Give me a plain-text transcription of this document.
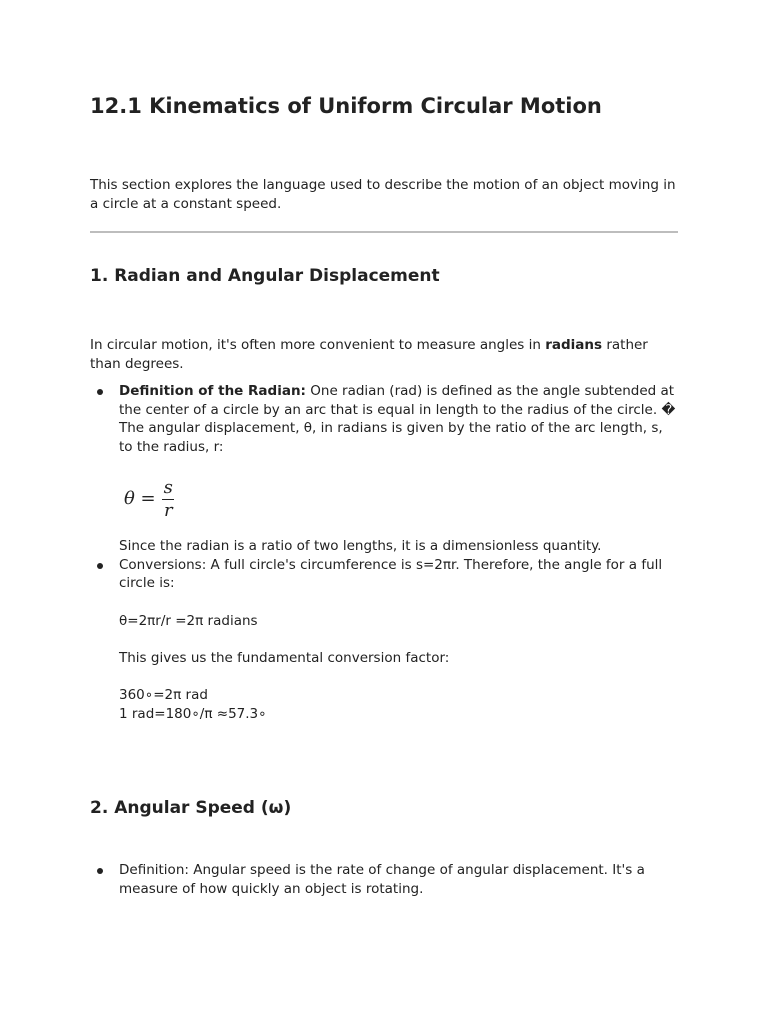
12.1 Kinematics of Uniform Circular Motion

This section explores the language used to describe the motion of an object moving in a circle at a constant speed.

1. Radian and Angular Displacement

In circular motion, it's often more convenient to measure angles in radians rather than degrees.

Definition of the Radian: One radian (rad) is defined as the angle subtended at the center of a circle by an arc that is equal in length to the radius of the circle. �
The angular displacement, θ, in radians is given by the ratio of the arc length, s, to the radius, r:
$\theta = \frac{s}{r}$
Since the radian is a ratio of two lengths, it is a dimensionless quantity.
Conversions: A full circle's circumference is s=2πr. Therefore, the angle for a full circle is:
θ=2πr/r =2π radians
This gives us the fundamental conversion factor:
360∘=2π rad
1 rad=180∘/π ≈57.3∘
2. Angular Speed (ω)
Definition: Angular speed is the rate of change of angular displacement. It's a measure of how quickly an object is rotating.
